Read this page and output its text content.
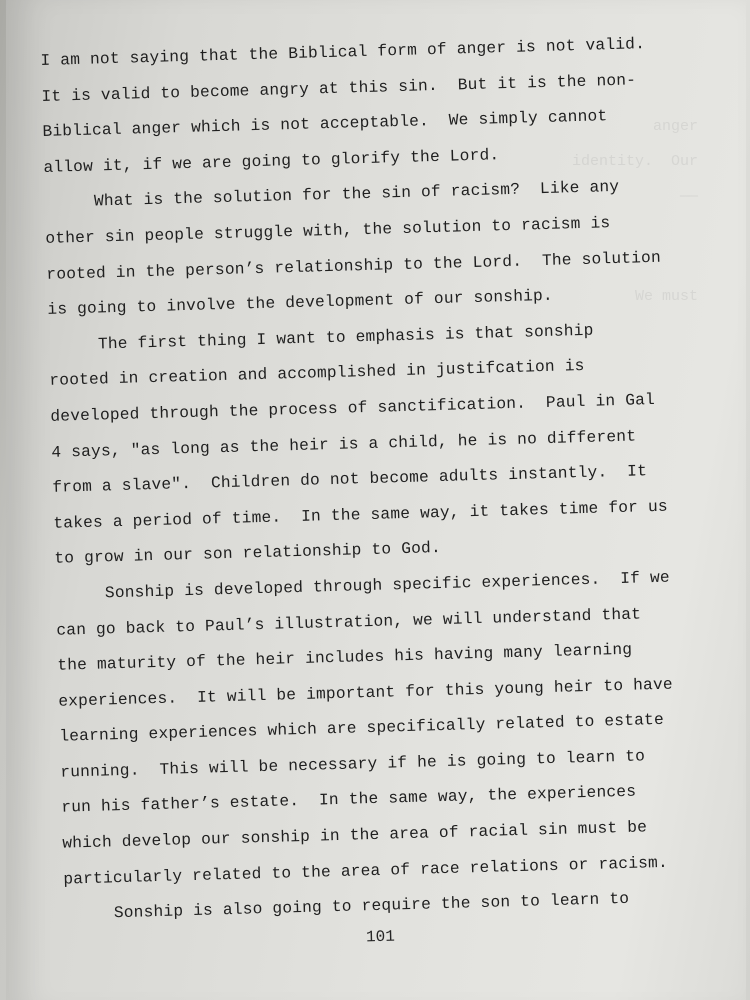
anger
identity.  Our
——
We must
I am not saying that the Biblical form of anger is not valid.
It is valid to become angry at this sin.  But it is the non-
Biblical anger which is not acceptable.  We simply cannot
allow it, if we are going to glorify the Lord.
What is the solution for the sin of racism?  Like any
other sin people struggle with, the solution to racism is
rooted in the person’s relationship to the Lord.  The solution
is going to involve the development of our sonship.
The first thing I want to emphasis is that sonship
rooted in creation and accomplished in justifcation is
developed through the process of sanctification.  Paul in Gal
4 says, "as long as the heir is a child, he is no different
from a slave".  Children do not become adults instantly.  It
takes a period of time.  In the same way, it takes time for us
to grow in our son relationship to God.
Sonship is developed through specific experiences.  If we
can go back to Paul’s illustration, we will understand that
the maturity of the heir includes his having many learning
experiences.  It will be important for this young heir to have
learning experiences which are specifically related to estate
running.  This will be necessary if he is going to learn to
run his father’s estate.  In the same way, the experiences
which develop our sonship in the area of racial sin must be
particularly related to the area of race relations or racism.
Sonship is also going to require the son to learn to
101
